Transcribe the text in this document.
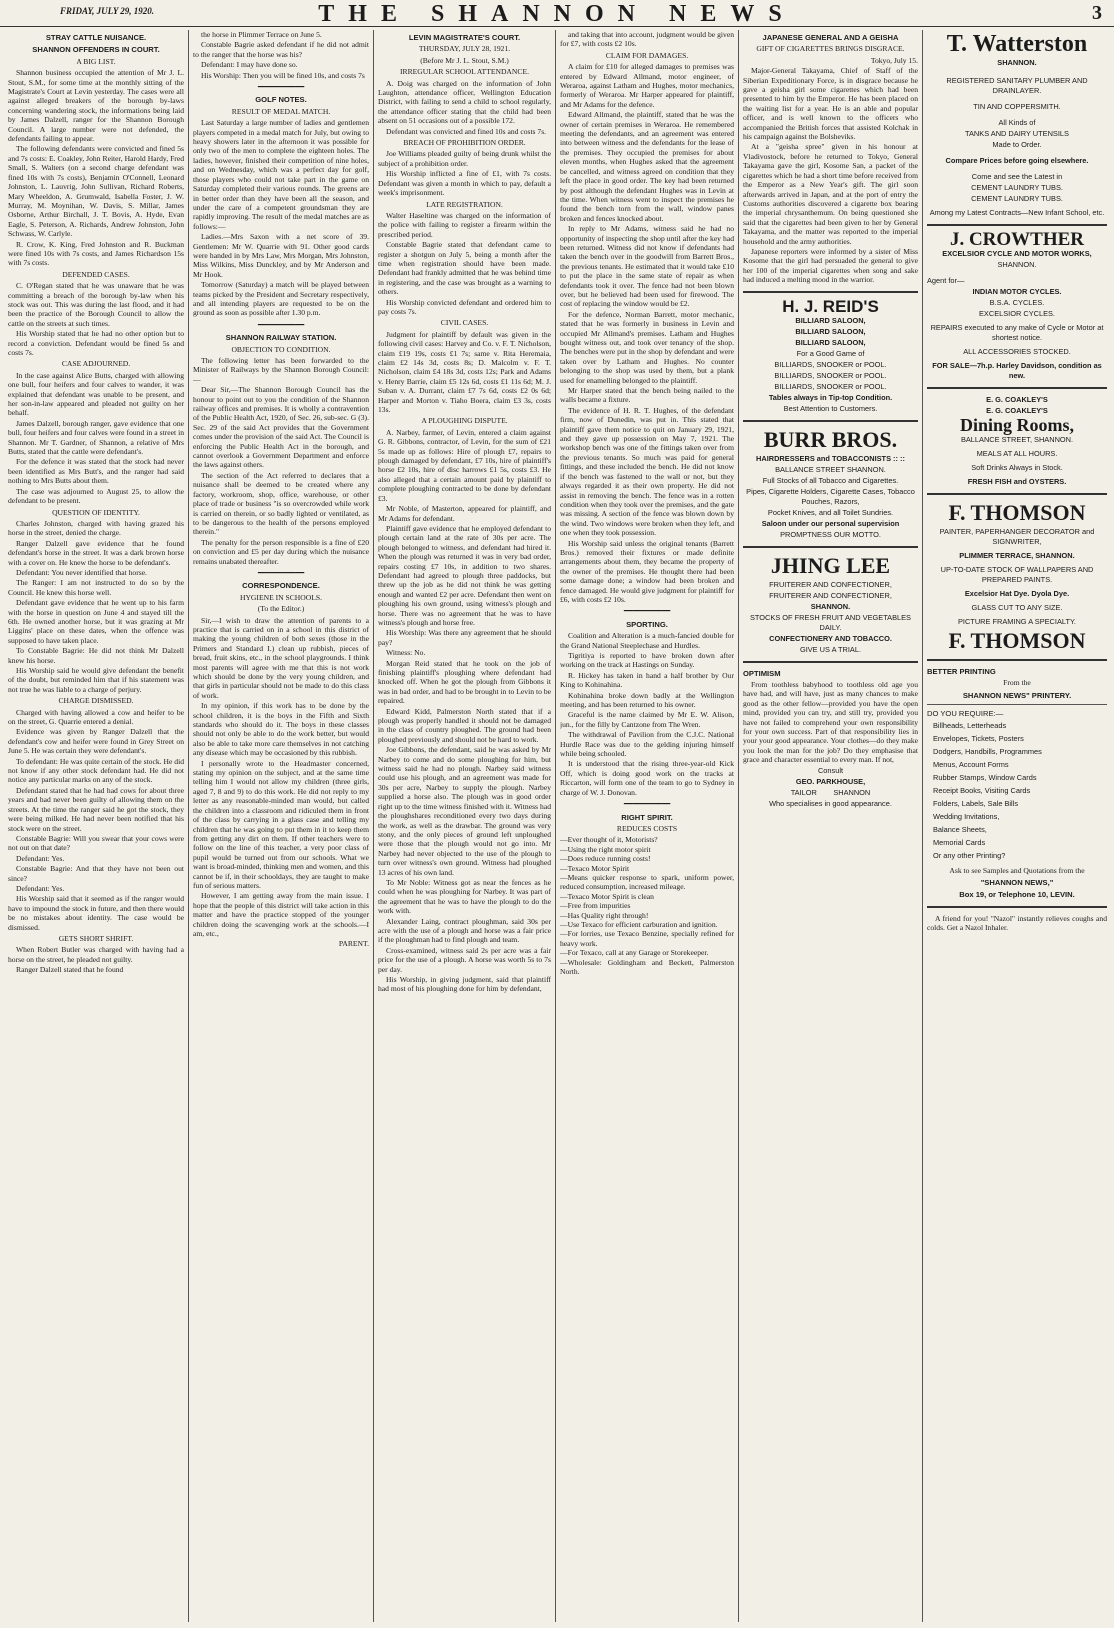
FRIDAY, JULY 29, 1920.	THE SHANNON NEWS	3
STRAY CATTLE NUISANCE.
SHANNON OFFENDERS IN COURT.
A BIG LIST.

Shannon business occupied the attention of Mr J. L. Stout, S.M., for some time at the monthly sitting of the Magistrate's Court at Levin yesterday. The cases were all against alleged breakers of the borough by-laws concerning wandering stock, the informations being laid by James Dalzell, ranger for the Shannon Borough Council. A large number were not defended, the defendants failing to appear.

The following defendants were convicted and fined 5s and 7s costs: E. Coakley, John Reiter, Harold Hardy, Fred Small, S. Walters (on a second charge defendant was fined 10s with 7s costs), Benjamin O'Connell, Leonard Johnston, L. Lauvrig, John Sullivan, Richard Roberts, Mary Wheeldon, A. Grumwald, Isabella Foster, J. W. Murray, M. Moynihan, W. Davis, S. Millar, James Osborne, Arthur Birchall, J. T. Bovis, A. Hyde, Evan Eagle, S. Peterson, A. Richards, Andrew Johnston, John Schwass, W. Carlyle.

R. Crow, K. King, Fred Johnston and R. Buckman were fined 10s with 7s costs, and James Richardson 15s with 7s costs.

DEFENDED CASES.

C. O'Regan stated that he was unaware that he was committing a breach of the borough by-law when his stock was out. This was during the last flood, and it had been the practice of the Borough Council to allow the cattle on the streets at such times.

His Worship stated that he had no other option but to record a conviction. Defendant would be fined 5s and costs 7s.

CASE ADJOURNED.

In the case against Alice Butts, charged with allowing one bull, four heifers and four calves to wander, it was explained that defendant was unable to be present, and her son-in-law appeared and pleaded not guilty on her behalf.

James Dalzell, borough ranger, gave evidence that one bull, four heifers and four calves were found in a street in Shannon. Mr T. Gardner, of Shannon, a relative of Mrs Butts, stated that the cattle were defendant's.

For the defence it was stated that the stock had never been identified as Mrs Butt's, and the ranger had said nothing to Mrs Butts about them.

The case was adjourned to August 25, to allow the defendant to be present.

QUESTION OF IDENTITY.

Charles Johnston, charged with having grazed his horse in the street, denied the charge.

Ranger Dalzell gave evidence that he found defendant's horse in the street. It was a dark brown horse with a cover on. He knew the horse to be defendant's.

Defendant: You never identified that horse.

The Ranger: I am not instructed to do so by the Council. He knew this horse well.

Defendant gave evidence that he went up to his farm with the horse in question on June 4 and stayed till the 6th. He owned another horse, but it was grazing at Mr Liggins' place on these dates, when the offence was supposed to have taken place.

To Constable Bagrie: He did not think Mr Dalzell knew his horse.

His Worship said he would give defendant the benefit of the doubt, but reminded him that if his statement was not true he was liable to a charge of perjury.

CHARGE DISMISSED.

Charged with having allowed a cow and heifer to be on the street, G. Quarrie entered a denial.

Evidence was given by Ranger Dalzell that the defendant's cow and heifer were found in Grey Street on June 5. He was certain they were defendant's.

To defendant: He was quite certain of the stock. He did not know if any other stock defendant had. He did not notice any particular marks on any of the stock.

Defendant stated that he had had cows for about three years and had never been guilty of allowing them on the streets. At the time the ranger said he got the stock, they were being milked. He had never been notified that his stock were on the street.

Constable Bagrie: Will you swear that your cows were not out on that date?

Defendant: Yes.

Constable Bagrie: And that they have not been out since?

Defendant: Yes.

His Worship said that it seemed as if the ranger would have to impound the stock in future, and then there would be no mistakes about identity. The case would be dismissed.

GETS SHORT SHRIFT.

When Robert Butler was charged with having had a horse on the street, he pleaded not guilty.

Ranger Dalzell stated that he found

the horse in Plimmer Terrace on June 5.

Constable Bagrie asked defendant if he did not admit to the ranger that the horse was his?

Defendant: I may have done so.

His Worship: Then you will be fined 10s, and costs 7s

━━━━━━━━━━━
GOLF NOTES.
RESULT OF MEDAL MATCH.

Last Saturday a large number of ladies and gentlemen players competed in a medal match for July, but owing to heavy showers later in the afternoon it was possible for only two of the men to complete the eighteen holes. The ladies, however, finished their competition of nine holes, and on Wednesday, which was a perfect day for golf, those players who could not take part in the game on Saturday completed their various rounds. The greens are in better order than they have been all the season, and under the care of a competent groundsman they are rapidly improving. The result of the medal matches are as follows:—

Ladies.—Mrs Saxon with a net score of 39. Gentlemen: Mr W. Quarrie with 91. Other good cards were handed in by Mrs Law, Mrs Morgan, Mrs Johnston, Miss Wilkins, Miss Dunckley, and by Mr Anderson and Mr Hook.

Tomorrow (Saturday) a match will be played between teams picked by the President and Secretary respectively, and all intending players are requested to be on the ground as soon as possible after 1.30 p.m.

━━━━━━━━━━━
SHANNON RAILWAY STATION.
OBJECTION TO CONDITION.

The following letter has been forwarded to the Minister of Railways by the Shannon Borough Council:—

Dear Sir,—The Shannon Borough Council has the honour to point out to you the condition of the Shannon railway offices and premises. It is wholly a contravention of the Public Health Act, 1920, of Sec. 26, sub-sec. G (3). Sec. 29 of the said Act provides that the Government comes under the provision of the said Act. The Council is enforcing the Public Health Act in the borough, and cannot overlook a Government Department and enforce the laws against others.

The section of the Act referred to declares that a nuisance shall be deemed to be created where any factory, workroom, shop, office, warehouse, or other place of trade or business "is so overcrowded while work is carried on therein, or so badly lighted or ventilated, as to be dangerous to the health of the persons employed therein."

The penalty for the person responsible is a fine of £20 on conviction and £5 per day during which the nuisance remains unabated thereafter.

━━━━━━━━━━━
CORRESPONDENCE.
HYGIENE IN SCHOOLS.
(To the Editor.)

Sir,—I wish to draw the attention of parents to a practice that is carried on in a school in this district of making the young children of both sexes (those in the Primers and Standard I.) clean up rubbish, pieces of bread, fruit skins, etc., in the school playgrounds. I think most parents will agree with me that this is not work which should be done by the very young children, and that girls in particular should not be made to do this class of work.

In my opinion, if this work has to be done by the school children, it is the boys in the Fifth and Sixth standards who should do it. The boys in these classes should not only be able to do the work better, but would also be able to take more care themselves in not catching any disease which may be occasioned by this rubbish.

I personally wrote to the Headmaster concerned, stating my opinion on the subject, and at the same time telling him I would not allow my children (three girls, aged 7, 8 and 9) to do this work. He did not reply to my letter as any reasonable-minded man would, but called the children into a classroom and ridiculed them in front of the class by carrying in a glass case and telling my children that he was going to put them in it to keep them from getting any dirt on them. If other teachers were to follow on the line of this teacher, a very poor class of pupil would be turned out from our schools. What we want is broad-minded, thinking men and women, and this cannot be if, in their schooldays, they are taught to make fun of serious matters.

However, I am getting away from the main issue. I hope that the people of this district will take action in this matter and have the practice stopped of the younger children doing the scavenging work at the schools.—I am, etc.,

PARENT.

LEVIN MAGISTRATE'S COURT.
THURSDAY, JULY 28, 1921.
(Before Mr J. L. Stout, S.M.)
IRREGULAR SCHOOL ATTENDANCE.

A. Doig was charged on the information of John Laughton, attendance officer, Wellington Education District, with failing to send a child to school regularly, the attendance officer stating that the child had been absent on 51 occasions out of a possible 172.

Defendant was convicted and fined 10s and costs 7s.

BREACH OF PROHIBITION ORDER.

Joe Williams pleaded guilty of being drunk whilst the subject of a prohibition order.

His Worship inflicted a fine of £1, with 7s costs. Defendant was given a month in which to pay, default a week's imprisonment.

LATE REGISTRATION.

Walter Haseltine was charged on the information of the police with failing to register a firearm within the prescribed period.

Constable Bagrie stated that defendant came to register a shotgun on July 5, being a month after the time when registration should have been made. Defendant had frankly admitted that he was behind time in registering, and the case was brought as a warning to others.

His Worship convicted defendant and ordered him to pay costs 7s.

CIVIL CASES.

Judgment for plaintiff by default was given in the following civil cases: Harvey and Co. v. F. T. Nicholson, claim £19 19s, costs £1 7s; same v. Rita Heremaia, claim £2 14s 3d, costs 8s; D. Malcolm v. F. T. Nicholson, claim £4 18s 3d, costs 12s; Park and Adams v. Henry Barrie, claim £5 12s 6d, costs £1 11s 6d; M. J. Suban v. A. Durrant, claim £7 7s 6d, costs £2 0s 6d; Harper and Morton v. Tiaho Boera, claim £3 3s, costs 13s.

A PLOUGHING DISPUTE.

A. Narbey, farmer, of Levin, entered a claim against G. R. Gibbons, contractor, of Levin, for the sum of £21 5s made up as follows: Hire of plough £7, repairs to plough damaged by defendant, £7 10s, hire of plaintiff's horse £2 10s, hire of disc harrows £1 5s, costs £3. He also alleged that a certain amount paid by plaintiff to complete ploughing contracted to be done by defendant £3.

Mr Noble, of Masterton, appeared for plaintiff, and Mr Adams for defendant.

Plaintiff gave evidence that he employed defendant to plough certain land at the rate of 30s per acre. The plough belonged to witness, and defendant had hired it. When the plough was returned it was in very bad order, repairs costing £7 10s, in addition to two shares. Defendant had agreed to plough three paddocks, but threw up the job as he did not think he was getting enough and wanted £2 per acre. Defendant then went on ploughing his own ground, using witness's plough and horse. There was no agreement that he was to have witness's plough and horse free.

His Worship: Was there any agreement that he should pay?

Witness: No.

Morgan Reid stated that he took on the job of finishing plaintiff's ploughing where defendant had knocked off. When he got the plough from Gibbons it was in bad order, and had to be brought in to Levin to be repaired.

Edward Kidd, Palmerston North stated that if a plough was properly handled it should not be damaged in the class of country ploughed. The ground had been ploughed previously and should not be hard to work.

Joe Gibbons, the defendant, said he was asked by Mr Narbey to come and do some ploughing for him, but witness said he had no plough. Narbey said witness could use his plough, and an agreement was made for 30s per acre, Narbey to supply the plough. Narbey supplied a horse also. The plough was in good order right up to the time witness finished with it. Witness had the ploughshares reconditioned every two days during the work, as well as the drawbar. The ground was very stony, and the only pieces of ground left unploughed were those that the plough would not go into. Mr Narbey had never objected to the use of the plough to turn over witness's own ground. Witness had ploughed 13 acres of his own land.

To Mr Noble: Witness got as near the fences as he could when he was ploughing for Narbey. It was part of the agreement that he was to have the plough to do the work with.

Alexander Laing, contract ploughman, said 30s per acre with the use of a plough and horse was a fair price if the ploughman had to find plough and team.

Cross-examined, witness said 2s per acre was a fair price for the use of a plough. A horse was worth 5s to 7s per day.

His Worship, in giving judgment, said that plaintiff had most of his ploughing done for him by defendant,

and taking that into account, judgment would be given for £7, with costs £2 10s.

CLAIM FOR DAMAGES.

A claim for £10 for alleged damages to premises was entered by Edward Allmand, motor engineer, of Weraroa, against Latham and Hughes, motor mechanics, formerly of Weraroa. Mr Harper appeared for plaintiff, and Mr Adams for the defence.

Edward Allmand, the plaintiff, stated that he was the owner of certain premises in Weraroa. He remembered meeting the defendants, and an agreement was entered into between witness and the defendants for the lease of the premises. They occupied the premises for about eleven months, when Hughes asked that the agreement be cancelled, and witness agreed on condition that they left the place in good order. The key had been returned by post although the defendant Hughes was in Levin at the time. When witness went to inspect the premises he found the bench torn from the wall, window panes broken and fences knocked about.

In reply to Mr Adams, witness said he had no opportunity of inspecting the shop until after the key had been returned. Witness did not know if defendants had taken the bench over in the goodwill from Barrett Bros., the previous tenants. He estimated that it would take £10 to put the place in the same state of repair as when defendants took it over. The fence had not been blown over, but he believed had been used for firewood. The cost of replacing the window would be £2.

For the defence, Norman Barrett, motor mechanic, stated that he was formerly in business in Levin and occupied Mr Allmand's premises. Latham and Hughes bought witness out, and took over tenancy of the shop. The benches were put in the shop by defendant and were taken over by Latham and Hughes. No counter belonging to the shop was used by them, but a plank used for enamelling belonged to the plaintiff.

Mr Harper stated that the bench being nailed to the walls became a fixture.

The evidence of H. R. T. Hughes, of the defendant firm, now of Dunedin, was put in. This stated that plaintiff gave them notice to quit on January 29, 1921, and they gave up possession on May 7, 1921. The workshop bench was one of the fittings taken over from the previous tenants. So much was paid for general fittings, and these included the bench. He did not know if the bench was fastened to the wall or not, but they always regarded it as their own property. He did not assist in removing the bench. The fence was in a rotten condition when they took over the premises, and the gate was missing. A section of the fence was blown down by the wind. Two windows were broken when they left, and one when they took possession.

His Worship said unless the original tenants (Barrett Bros.) removed their fixtures or made definite arrangements about them, they became the property of the owner of the premises. He thought there had been some damage done; a window had been broken and fence damaged. He would give judgment for plaintiff for £6, with costs £2 10s.

━━━━━━━━━━━
SPORTING.

Coalition and Alteration is a much-fancied double for the Grand National Steeplechase and Hurdles.

Tigritiya is reported to have broken down after working on the track at Hastings on Sunday.

R. Hickey has taken in hand a half brother by Our King to Kohinahina.

Kohinahina broke down badly at the Wellington meeting, and has been returned to his owner.

Graceful is the name claimed by Mr E. W. Alison, jun., for the filly by Cantzone from The Wren.

The withdrawal of Pavilion from the C.J.C. National Hurdle Race was due to the gelding injuring himself while being schooled.

It is understood that the rising three-year-old Kick Off, which is doing good work on the tracks at Riccarton, will form one of the team to go to Sydney in charge of W. J. Donovan.

━━━━━━━━━━━
RIGHT SPIRIT.
REDUCES COSTS
—Ever thought of it, Motorists?
—Using the right motor spirit
—Does reduce running costs!
—Texaco Motor Spirit
—Means quicker response to spark, uniform power, reduced consumption, increased mileage.
—Texaco Motor Spirit is clean
—Free from impurities
—Has Quality right through!
—Use Texaco for efficient carburation and ignition.
—For lorries, use Texaco Benzine, specially refined for heavy work.
—For Texaco, call at any Garage or Storekeeper.
—Wholesale: Goldingham and Beckett, Palmerston North.
JAPANESE GENERAL AND A GEISHA
GIFT OF CIGARETTES BRINGS DISGRACE.

Tokyo, July 15.

Major-General Takayama, Chief of Staff of the Siberian Expeditionary Force, is in disgrace because he gave a geisha girl some cigarettes which had been presented to him by the Emperor. He has been placed on the waiting list for a year. He is an able and popular officer, and is well known to the officers who accompanied the British forces that assisted Kolchak in his campaign against the Bolsheviks.

At a "geisha spree" given in his honour at Vladivostock, before he returned to Tokyo, General Takayama gave the girl, Kosome San, a packet of the cigarettes which he had a short time before received from the Emperor as a New Year's gift. The girl soon afterwards arrived in Japan, and at the port of entry the Customs authorities discovered a cigarette box bearing the imperial chrysanthemum. On being questioned she said that the cigarettes had been given to her by General Takayama, and the matter was reported to the imperial household and the army authorities.

Japanese reporters were informed by a sister of Miss Kosome that the girl had persuaded the general to give her 100 of the imperial cigarettes when song and sake had induced a melting mood in the warrior.

H. J. REID'S
BILLIARD SALOON,
BILLIARD SALOON,
BILLIARD SALOON,
For a Good Game of
BILLIARDS, SNOOKER or POOL.
BILLIARDS, SNOOKER or POOL.
BILLIARDS, SNOOKER or POOL.
Tables always in Tip-top Condition.
Best Attention to Customers.
BURR BROS.
HAIRDRESSERS and TOBACCONISTS :: ::
BALLANCE STREET SHANNON.
Full Stocks of all Tobacco and Cigarettes.
Pipes, Cigarette Holders, Cigarette Cases, Tobacco Pouches, Razors,
Pocket Knives, and all Toilet Sundries.
Saloon under our personal supervision
PROMPTNESS OUR MOTTO.
JHING LEE
FRUITERER AND CONFECTIONER,
FRUITERER AND CONFECTIONER,
SHANNON.
STOCKS OF FRESH FRUIT AND VEGETABLES DAILY.
CONFECTIONERY AND TOBACCO.
GIVE US A TRIAL.
OPTIMISM

From toothless babyhood to toothless old age you have had, and will have, just as many chances to make good as the other fellow—provided you have the open mind, provided you can try, and still try, provided you have not failed to comprehend your own responsibility for your own success. Part of that responsibility lies in your your good appearance. Your clothes—do they make you look the man for the job? Do they emphasise that grace and character essential to every man. If not,

Consult
GEO. PARKHOUSE,
TAILOR SHANNON
Who specialises in good appearance.
T. Watterston
SHANNON.
REGISTERED SANITARY PLUMBER AND DRAINLAYER.
TIN AND COPPERSMITH.
All Kinds of
TANKS AND DAIRY UTENSILS
Made to Order.
Compare Prices before going elsewhere.
Come and see the Latest in
CEMENT LAUNDRY TUBS.
CEMENT LAUNDRY TUBS.
Among my Latest Contracts—New Infant School, etc.
J. CROWTHER
EXCELSIOR CYCLE AND MOTOR WORKS,
SHANNON.
Agent for—
INDIAN MOTOR CYCLES.
B.S.A. CYCLES.
EXCELSIOR CYCLES.
REPAIRS executed to any make of Cycle or Motor at shortest notice.
ALL ACCESSORIES STOCKED.
FOR SALE—7h.p. Harley Davidson, condition as new.
E. G. COAKLEY'S
E. G. COAKLEY'S
Dining Rooms,
BALLANCE STREET, SHANNON.
MEALS AT ALL HOURS.
Soft Drinks Always in Stock.
FRESH FISH and OYSTERS.
F. THOMSON
PAINTER, PAPERHANGER DECORATOR and SIGNWRITER,
PLIMMER TERRACE, SHANNON.
UP-TO-DATE STOCK OF WALLPAPERS AND PREPARED PAINTS.
Excelsior Hat Dye. Dyola Dye.
GLASS CUT TO ANY SIZE.
PICTURE FRAMING A SPECIALTY.
F. THOMSON
BETTER PRINTING
From the
SHANNON NEWS" PRINTERY.
DO YOU REQUIRE:—
Billheads, Letterheads
Envelopes, Tickets, Posters
Dodgers, Handbills, Programmes
Menus, Account Forms
Rubber Stamps, Window Cards
Receipt Books, Visiting Cards
Folders, Labels, Sale Bills
Wedding Invitations,
Balance Sheets,
Memorial Cards
Or any other Printing?
Ask to see Samples and Quotations from the
"SHANNON NEWS,"
Box 19, or Telephone 10, LEVIN.

A friend for you! "Nazol" instantly relieves coughs and colds. Get a Nazol Inhaler.
